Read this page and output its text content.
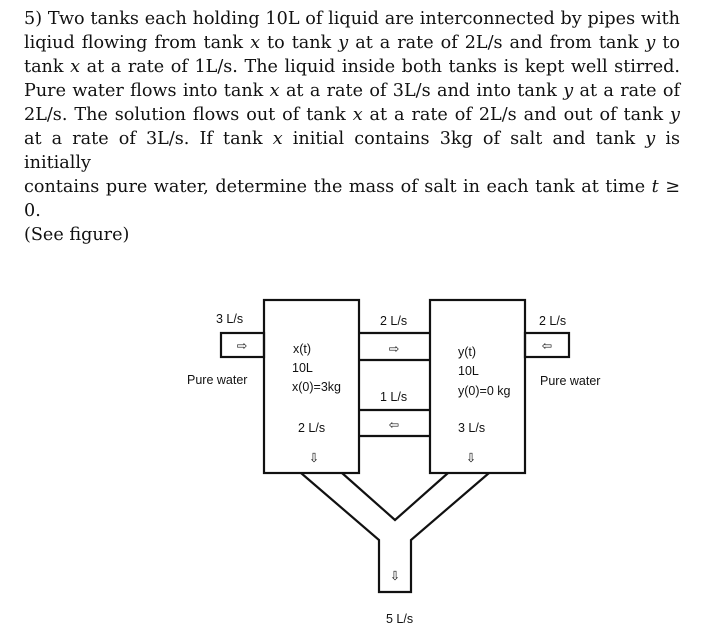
5) Two tanks each holding 10L of liquid are interconnected by pipes with
liqiud flowing from tank x to tank y at a rate of 2L/s and from tank y to
tank x at a rate of 1L/s. The liquid inside both tanks is kept well stirred.
Pure water flows into tank x at a rate of 3L/s and into tank y at a rate of
2L/s. The solution flows out of tank x at a rate of 2L/s and out of tank y
at a rate of 3L/s. If tank x initial contains 3kg of salt and tank y is initially
contains pure water, determine the mass of salt in each tank at time t ≥ 0.
(See figure)
⇨	⇨
⇦
⇦
⇩	⇩
⇩
3 L/s
Pure water
2 L/s
Pure water
2 L/s
1 L/s
x(t)
10L
x(0)=3kg
2 L/s
y(t)
10L
y(0)=0 kg
3 L/s
5 L/s
